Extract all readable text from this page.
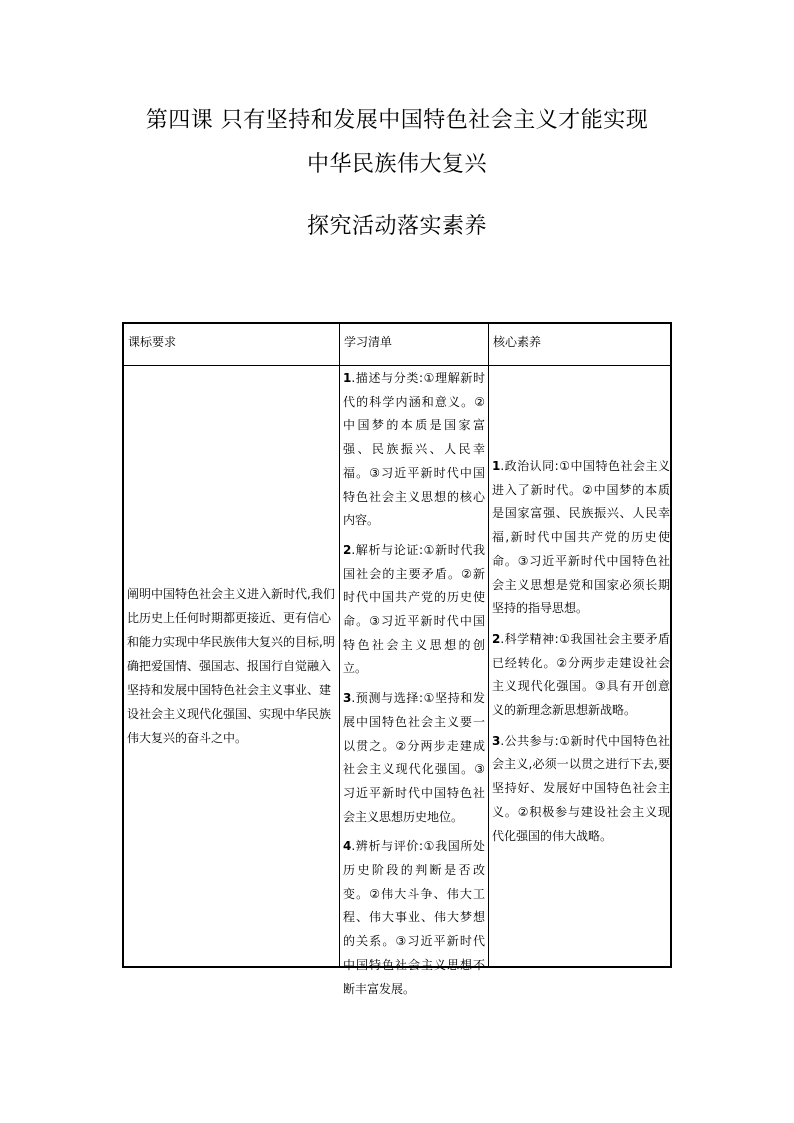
第四课 只有坚持和发展中国特色社会主义才能实现
中华民族伟大复兴
探究活动落实素养
课标要求	学习清单	核心素养
阐明中国特色社会主义进入新时代,我们比历史上任何时期都更接近、更有信心和能力实现中华民族伟大复兴的目标,明确把爱国情、强国志、报国行自觉融入坚持和发展中国特色社会主义事业、建设社会主义现代化强国、实现中华民族伟大复兴的奋斗之中。
1.描述与分类:①理解新时代的科学内涵和意义。②中国梦的本质是国家富强、民族振兴、人民幸福。③习近平新时代中国特色社会主义思想的核心内容。
2.解析与论证:①新时代我国社会的主要矛盾。②新时代中国共产党的历史使命。③习近平新时代中国特色社会主义思想的创立。
3.预测与选择:①坚持和发展中国特色社会主义要一以贯之。②分两步走建成社会主义现代化强国。③习近平新时代中国特色社会主义思想历史地位。
4.辨析与评价:①我国所处历史阶段的判断是否改变。②伟大斗争、伟大工程、伟大事业、伟大梦想的关系。③习近平新时代中国特色社会主义思想不断丰富发展。
1.政治认同:①中国特色社会主义进入了新时代。②中国梦的本质是国家富强、民族振兴、人民幸福,新时代中国共产党的历史使命。③习近平新时代中国特色社会主义思想是党和国家必须长期坚持的指导思想。
2.科学精神:①我国社会主要矛盾已经转化。②分两步走建设社会主义现代化强国。③具有开创意义的新理念新思想新战略。
3.公共参与:①新时代中国特色社会主义,必须一以贯之进行下去,要坚持好、发展好中国特色社会主义。②积极参与建设社会主义现代化强国的伟大战略。
